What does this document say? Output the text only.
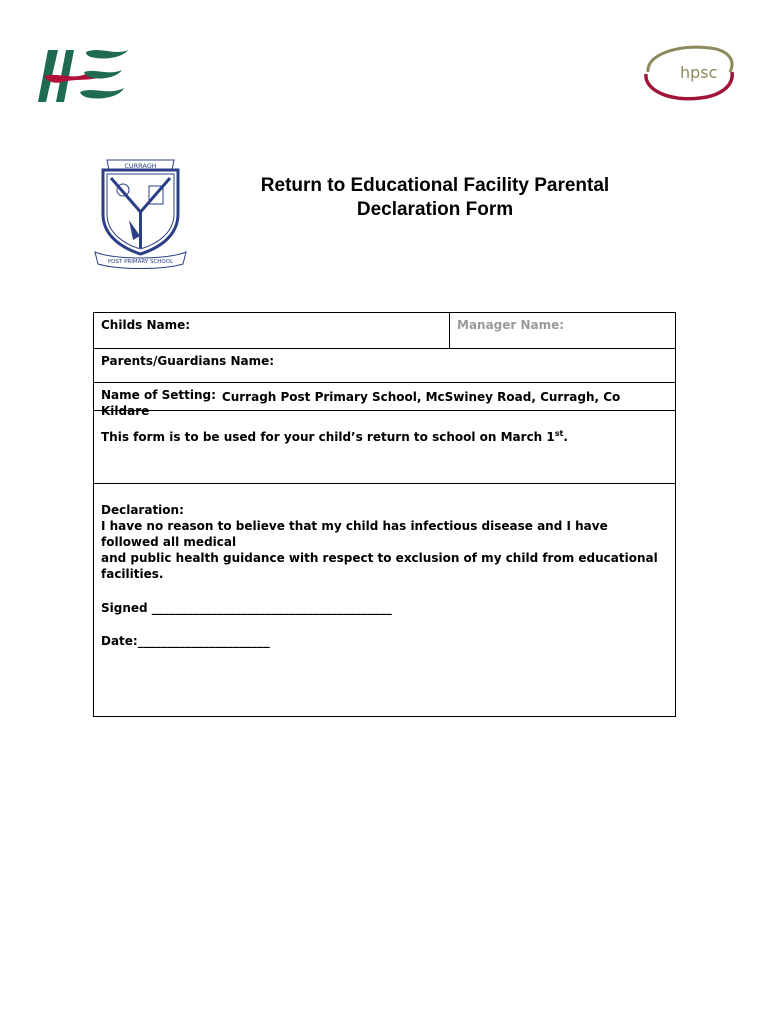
hpsc
CURRAGH
POST PRIMARY SCHOOL
Return to Educational Facility Parental
Declaration Form
Childs Name:	Manager Name:
Parents/Guardians Name:
Name of Setting: Curragh Post Primary School, McSwiney Road, Curragh, Co Kildare
This form is to be used for your child’s return to school on March 1st.
Declaration:
I have no reason to believe that my child has infectious disease and I have followed all medical
and public health guidance with respect to exclusion of my child from educational facilities.
Signed ________________________________________
Date:______________________
